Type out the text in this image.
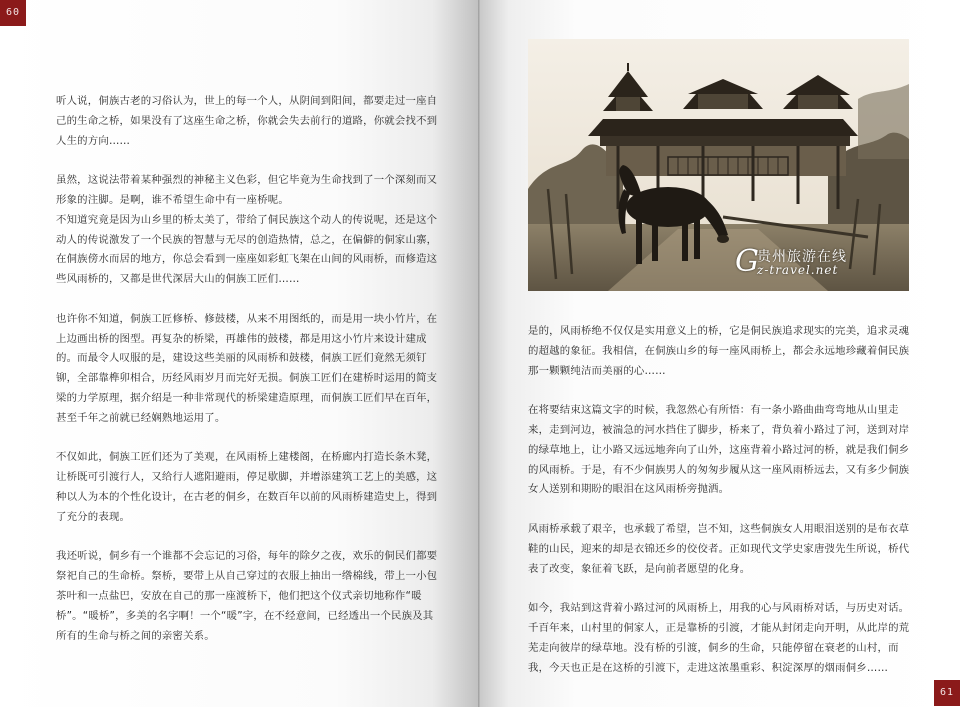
60

听人说，侗族古老的习俗认为，世上的每一个人，从阴间到阳间，都要走过一座自己的生命之桥，如果没有了这座生命之桥，你就会失去前行的道路，你就会找不到人生的方向……

虽然，这说法带着某种强烈的神秘主义色彩，但它毕竟为生命找到了一个深刻而又形象的注脚。是啊，谁不希望生命中有一座桥呢。

不知道究竟是因为山乡里的桥太美了，带给了侗民族这个动人的传说呢，还是这个动人的传说激发了一个民族的智慧与无尽的创造热情，总之，在偏僻的侗家山寨，在侗族傍水而居的地方，你总会看到一座座如彩虹飞架在山间的风雨桥，而修造这些风雨桥的，又都是世代深居大山的侗族工匠们……

也许你不知道，侗族工匠修桥、修鼓楼，从来不用图纸的，而是用一块小竹片，在上边画出桥的图型。再复杂的桥梁，再雄伟的鼓楼，都是用这小竹片来设计建成的。而最令人叹服的是，建设这些美丽的风雨桥和鼓楼，侗族工匠们竟然无须钉铆，全部靠榫卯相合，历经风雨岁月而完好无损。侗族工匠们在建桥时运用的简支梁的力学原理，据介绍是一种非常现代的桥梁建造原理，而侗族工匠们早在百年，甚至千年之前就已经娴熟地运用了。

不仅如此，侗族工匠们还为了美观，在风雨桥上建楼阁，在桥廊内打造长条木凳，让桥既可引渡行人，又给行人遮阳避雨，停足歇脚，并增添建筑工艺上的美感，这种以人为本的个性化设计，在古老的侗乡，在数百年以前的风雨桥建造史上，得到了充分的表现。

我还听说，侗乡有一个谁都不会忘记的习俗，每年的除夕之夜，欢乐的侗民们都要祭祀自己的生命桥。祭桥，要带上从自己穿过的衣服上抽出一绺棉线，带上一小包茶叶和一点盐巴，安放在自己的那一座渡桥下，他们把这个仪式亲切地称作“暖桥”。“暖桥”，多美的名字啊！一个“暖”字，在不经意间，已经透出一个民族及其所有的生命与桥之间的亲密关系。

61
G
贵州旅游在线
z-travel.net

是的，风雨桥绝不仅仅是实用意义上的桥，它是侗民族追求现实的完美，追求灵魂的超越的象征。我相信，在侗族山乡的每一座风雨桥上，都会永远地珍藏着侗民族那一颗颗纯洁而美丽的心……

在将要结束这篇文字的时候，我忽然心有所悟：有一条小路曲曲弯弯地从山里走来，走到河边，被湍急的河水挡住了脚步，桥来了，背负着小路过了河，送到对岸的绿草地上，让小路又远远地奔向了山外，这座背着小路过河的桥，就是我们侗乡的风雨桥。于是，有不少侗族男人的匆匆步履从这一座风雨桥远去，又有多少侗族女人送别和期盼的眼泪在这风雨桥旁抛洒。

风雨桥承载了艰辛，也承载了希望，岂不知，这些侗族女人用眼泪送别的是布衣草鞋的山民，迎来的却是衣锦还乡的佼佼者。正如现代文学史家唐弢先生所说，桥代表了改变，象征着飞跃，是向前者愿望的化身。

如今，我站到这背着小路过河的风雨桥上，用我的心与风雨桥对话，与历史对话。千百年来，山村里的侗家人，正是靠桥的引渡，才能从封闭走向开明，从此岸的荒芜走向彼岸的绿草地。没有桥的引渡，侗乡的生命，只能停留在衰老的山村，而我，今天也正是在这桥的引渡下，走进这浓墨重彩、积淀深厚的烟雨侗乡……
